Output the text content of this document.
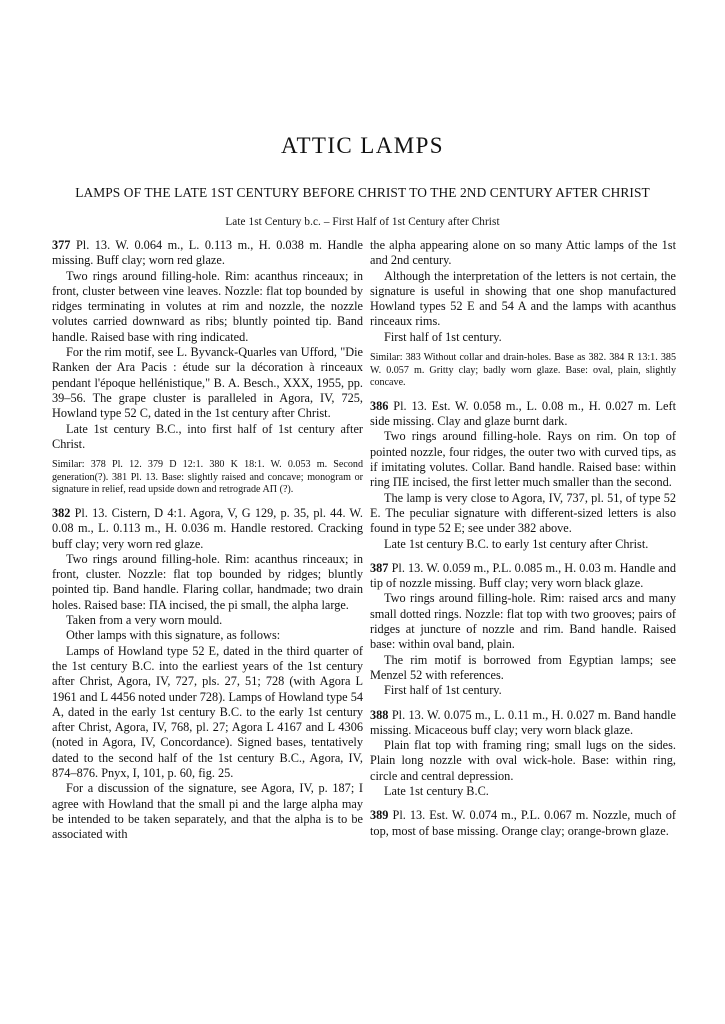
ATTIC LAMPS
LAMPS OF THE LATE 1ST CENTURY BEFORE CHRIST TO THE 2ND CENTURY AFTER CHRIST
Late 1st Century b.c. – First Half of 1st Century after Christ

377 Pl. 13. W. 0.064 m., L. 0.113 m., H. 0.038 m. Handle missing. Buff clay; worn red glaze.

Two rings around filling-hole. Rim: acanthus rinceaux; in front, cluster between vine leaves. Nozzle: flat top bounded by ridges terminating in volutes at rim and nozzle, the nozzle volutes carried downward as ribs; bluntly pointed tip. Band handle. Raised base with ring indicated.

For the rim motif, see L. Byvanck-Quarles van Ufford, "Die Ranken der Ara Pacis : étude sur la décoration à rinceaux pendant l'époque hellénistique," B. A. Besch., XXX, 1955, pp. 39–56. The grape cluster is paralleled in Agora, IV, 725, Howland type 52 C, dated in the 1st century after Christ.

Late 1st century B.C., into first half of 1st century after Christ.

Similar: 378 Pl. 12. 379 D 12:1. 380 K 18:1. W. 0.053 m. Second generation(?). 381 Pl. 13. Base: slightly raised and concave; monogram or signature in relief, read upside down and retrograde AΠ (?).

382 Pl. 13. Cistern, D 4:1. Agora, V, G 129, p. 35, pl. 44. W. 0.08 m., L. 0.113 m., H. 0.036 m. Handle restored. Cracking buff clay; very worn red glaze.

Two rings around filling-hole. Rim: acanthus rinceaux; in front, cluster. Nozzle: flat top bounded by ridges; bluntly pointed tip. Band handle. Flaring collar, handmade; two drain holes. Raised base: ΠA incised, the pi small, the alpha large.

Taken from a very worn mould.

Other lamps with this signature, as follows:

Lamps of Howland type 52 E, dated in the third quarter of the 1st century B.C. into the earliest years of the 1st century after Christ, Agora, IV, 727, pls. 27, 51; 728 (with Agora L 1961 and L 4456 noted under 728). Lamps of Howland type 54 A, dated in the early 1st century B.C. to the early 1st century after Christ, Agora, IV, 768, pl. 27; Agora L 4167 and L 4306 (noted in Agora, IV, Concordance). Signed bases, tentatively dated to the second half of the 1st century B.C., Agora, IV, 874–876. Pnyx, I, 101, p. 60, fig. 25.

For a discussion of the signature, see Agora, IV, p. 187; I agree with Howland that the small pi and the large alpha may be intended to be taken separately, and that the alpha is to be associated with

the alpha appearing alone on so many Attic lamps of the 1st and 2nd century.

Although the interpretation of the letters is not certain, the signature is useful in showing that one shop manufactured Howland types 52 E and 54 A and the lamps with acanthus rinceaux rims.

First half of 1st century.

Similar: 383 Without collar and drain-holes. Base as 382. 384 R 13:1. 385 W. 0.057 m. Gritty clay; badly worn glaze. Base: oval, plain, slightly concave.

386 Pl. 13. Est. W. 0.058 m., L. 0.08 m., H. 0.027 m. Left side missing. Clay and glaze burnt dark.

Two rings around filling-hole. Rays on rim. On top of pointed nozzle, four ridges, the outer two with curved tips, as if imitating volutes. Collar. Band handle. Raised base: within ring ΠE incised, the first letter much smaller than the second.

The lamp is very close to Agora, IV, 737, pl. 51, of type 52 E. The peculiar signature with different-sized letters is also found in type 52 E; see under 382 above.

Late 1st century B.C. to early 1st century after Christ.

387 Pl. 13. W. 0.059 m., P.L. 0.085 m., H. 0.03 m. Handle and tip of nozzle missing. Buff clay; very worn black glaze.

Two rings around filling-hole. Rim: raised arcs and many small dotted rings. Nozzle: flat top with two grooves; pairs of ridges at juncture of nozzle and rim. Band handle. Raised base: within oval band, plain.

The rim motif is borrowed from Egyptian lamps; see Menzel 52 with references.

First half of 1st century.

388 Pl. 13. W. 0.075 m., L. 0.11 m., H. 0.027 m. Band handle missing. Micaceous buff clay; very worn black glaze.

Plain flat top with framing ring; small lugs on the sides. Plain long nozzle with oval wick-hole. Base: within ring, circle and central depression.

Late 1st century B.C.

389 Pl. 13. Est. W. 0.074 m., P.L. 0.067 m. Nozzle, much of top, most of base missing. Orange clay; orange-brown glaze.
